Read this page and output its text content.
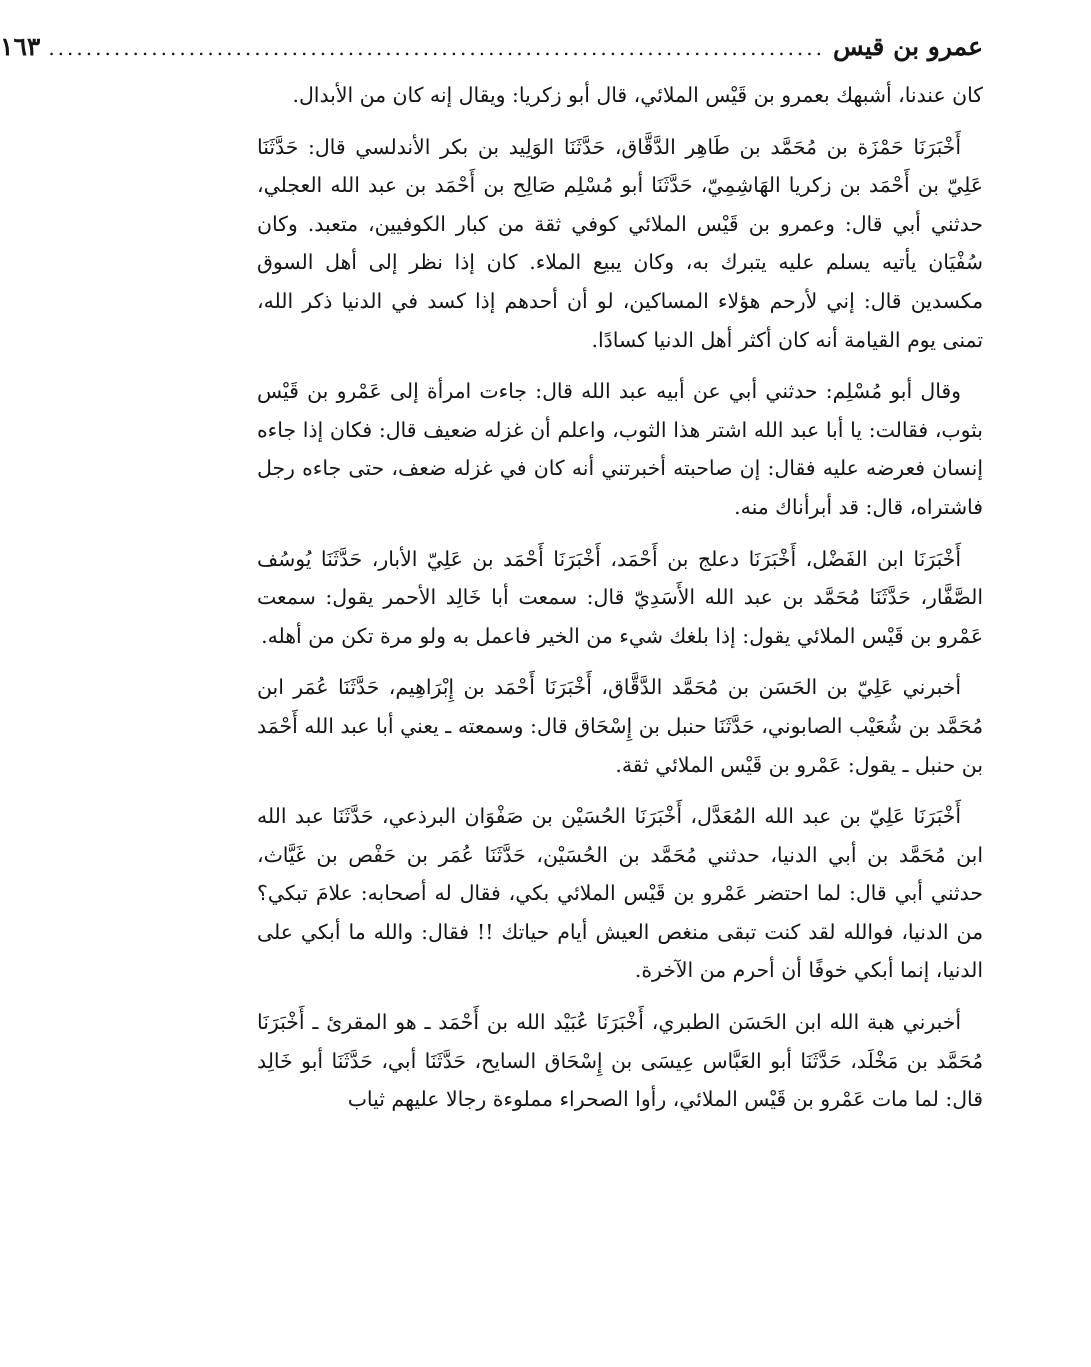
عمرو بن قيس
...................................................................................
١٦٣

كان عندنا، أشبهك بعمرو بن قَيْس الملائي، قال أبو زكريا: ويقال إنه كان من الأبدال.

أَخْبَرَنَا حَمْزَة بن مُحَمَّد بن طَاهِر الدَّقَّاق، حَدَّثَنَا الوَلِيد بن بكر الأندلسي قال: حَدَّثَنَا عَلِيّ بن أَحْمَد بن زكريا الهَاشِمِيّ، حَدَّثَنَا أبو مُسْلِم صَالِح بن أَحْمَد بن عبد الله العجلي، حدثني أبي قال: وعمرو بن قَيْس الملائي كوفي ثقة من كبار الكوفيين، متعبد. وكان سُفْيَان يأتيه يسلم عليه يتبرك به، وكان يبيع الملاء. كان إذا نظر إلى أهل السوق مكسدين قال: إني لأرحم هؤلاء المساكين، لو أن أحدهم إذا كسد في الدنيا ذكر الله، تمنى يوم القيامة أنه كان أكثر أهل الدنيا كسادًا.

وقال أبو مُسْلِم: حدثني أبي عن أبيه عبد الله قال: جاءت امرأة إلى عَمْرو بن قَيْس بثوب، فقالت: يا أبا عبد الله اشتر هذا الثوب، واعلم أن غزله ضعيف قال: فكان إذا جاءه إنسان فعرضه عليه فقال: إن صاحبته أخبرتني أنه كان في غزله ضعف، حتى جاءه رجل فاشتراه، قال: قد أبرأناك منه.

أَخْبَرَنَا ابن الفَضْل، أَخْبَرَنَا دعلج بن أَحْمَد، أَخْبَرَنَا أَحْمَد بن عَلِيّ الأبار، حَدَّثَنَا يُوسُف الصَّفَّار، حَدَّثَنَا مُحَمَّد بن عبد الله الأَسَدِيّ قال: سمعت أبا خَالِد الأحمر يقول: سمعت عَمْرو بن قَيْس الملائي يقول: إذا بلغك شيء من الخير فاعمل به ولو مرة تكن من أهله.

أخبرني عَلِيّ بن الحَسَن بن مُحَمَّد الدَّقَّاق، أَخْبَرَنَا أَحْمَد بن إِبْرَاهِيم، حَدَّثَنَا عُمَر ابن مُحَمَّد بن شُعَيْب الصابوني، حَدَّثَنَا حنبل بن إِسْحَاق قال: وسمعته ـ يعني أبا عبد الله أَحْمَد بن حنبل ـ يقول: عَمْرو بن قَيْس الملائي ثقة.

أَخْبَرَنَا عَلِيّ بن عبد الله المُعَدَّل، أَخْبَرَنَا الحُسَيْن بن صَفْوَان البرذعي، حَدَّثَنَا عبد الله ابن مُحَمَّد بن أبي الدنيا، حدثني مُحَمَّد بن الحُسَيْن، حَدَّثَنَا عُمَر بن حَفْص بن غَيَّاث، حدثني أبي قال: لما احتضر عَمْرو بن قَيْس الملائي بكي، فقال له أصحابه: علامَ تبكي؟ من الدنيا، فوالله لقد كنت تبقى منغص العيش أيام حياتك !! فقال: والله ما أبكي على الدنيا، إنما أبكي خوفًا أن أحرم من الآخرة.

أخبرني هبة الله ابن الحَسَن الطبري، أَخْبَرَنَا عُبَيْد الله بن أَحْمَد ـ هو المقرئ ـ أَخْبَرَنَا مُحَمَّد بن مَخْلَد، حَدَّثَنَا أبو العَبَّاس عِيسَى بن إِسْحَاق السايح، حَدَّثَنَا أبي، حَدَّثَنَا أبو خَالِد قال: لما مات عَمْرو بن قَيْس الملائي، رأوا الصحراء مملوءة رجالا عليهم ثياب
